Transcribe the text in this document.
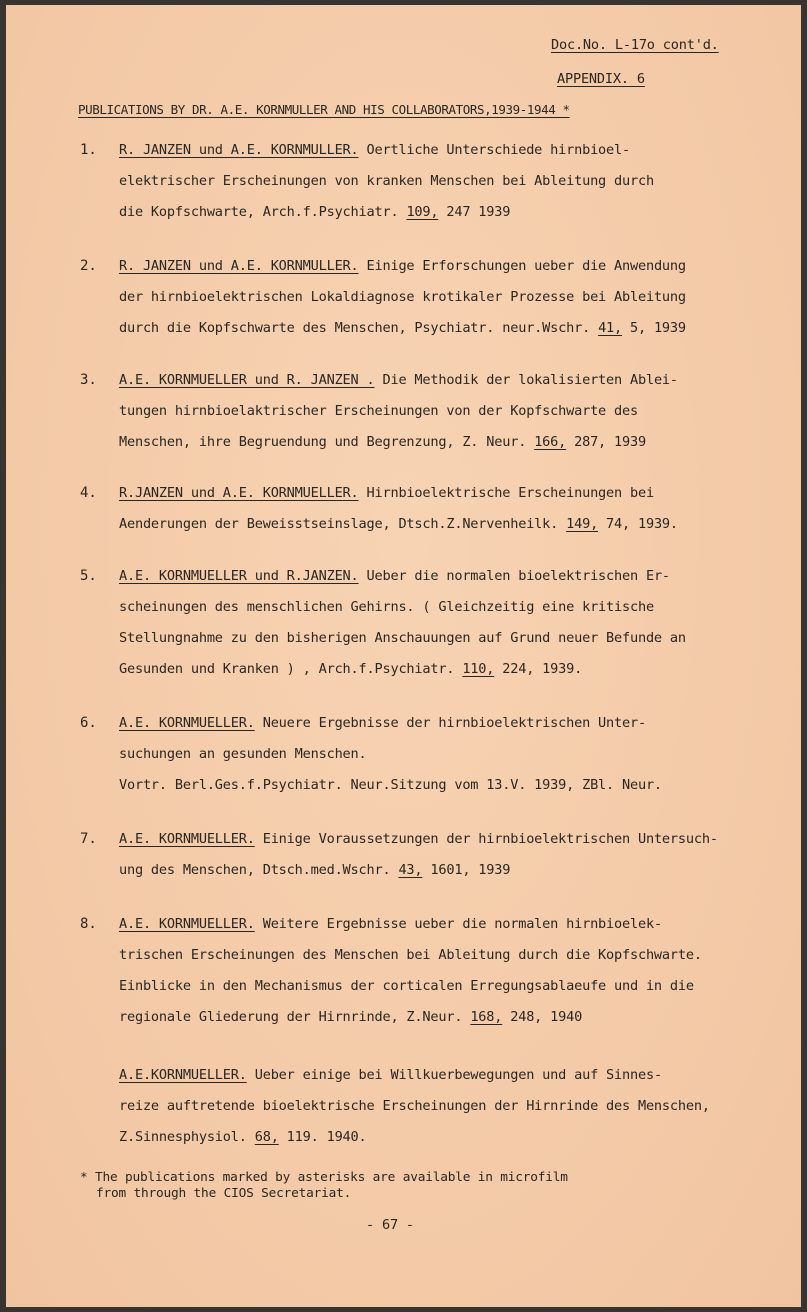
Doc.No. L-17o cont'd.
APPENDIX. 6
PUBLICATIONS BY DR. A.E. KORNMULLER AND HIS COLLABORATORS,1939-1944 *
1. R. JANZEN und A.E. KORNMULLER. Oertliche Unterschiede hirnbioel-
elektrischer Erscheinungen von kranken Menschen bei Ableitung durch
die Kopfschwarte, Arch.f.Psychiatr. 109, 247 1939
2. R. JANZEN und A.E. KORNMULLER. Einige Erforschungen ueber die Anwendung
der hirnbioelektrischen Lokaldiagnose krotikaler Prozesse bei Ableitung
durch die Kopfschwarte des Menschen, Psychiatr. neur.Wschr. 41, 5, 1939
3. A.E. KORNMUELLER und R. JANZEN . Die Methodik der lokalisierten Ablei-
tungen hirnbioelaktrischer Erscheinungen von der Kopfschwarte des
Menschen, ihre Begruendung und Begrenzung, Z. Neur. 166, 287, 1939
4. R.JANZEN und A.E. KORNMUELLER. Hirnbioelektrische Erscheinungen bei
Aenderungen der Beweisstseinslage, Dtsch.Z.Nervenheilk. 149, 74, 1939.
5. A.E. KORNMUELLER und R.JANZEN. Ueber die normalen bioelektrischen Er-
scheinungen des menschlichen Gehirns. ( Gleichzeitig eine kritische
Stellungnahme zu den bisherigen Anschauungen auf Grund neuer Befunde an
Gesunden und Kranken ) , Arch.f.Psychiatr. 110, 224, 1939.
6. A.E. KORNMUELLER. Neuere Ergebnisse der hirnbioelektrischen Unter-
suchungen an gesunden Menschen.
Vortr. Berl.Ges.f.Psychiatr. Neur.Sitzung vom 13.V. 1939, ZBl. Neur.
7. A.E. KORNMUELLER. Einige Voraussetzungen der hirnbioelektrischen Untersuch-
ung des Menschen, Dtsch.med.Wschr. 43, 1601, 1939
8. A.E. KORNMUELLER. Weitere Ergebnisse ueber die normalen hirnbioelek-
trischen Erscheinungen des Menschen bei Ableitung durch die Kopfschwarte.
Einblicke in den Mechanismus der corticalen Erregungsablaeufe und in die
regionale Gliederung der Hirnrinde, Z.Neur. 168, 248, 1940
A.E.KORNMUELLER. Ueber einige bei Willkuerbewegungen und auf Sinnes-
reize auftretende bioelektrische Erscheinungen der Hirnrinde des Menschen,
Z.Sinnesphysiol. 68, 119. 1940.
* The publications marked by asterisks are available in microfilm
from through the CIOS Secretariat.
- 67 -
